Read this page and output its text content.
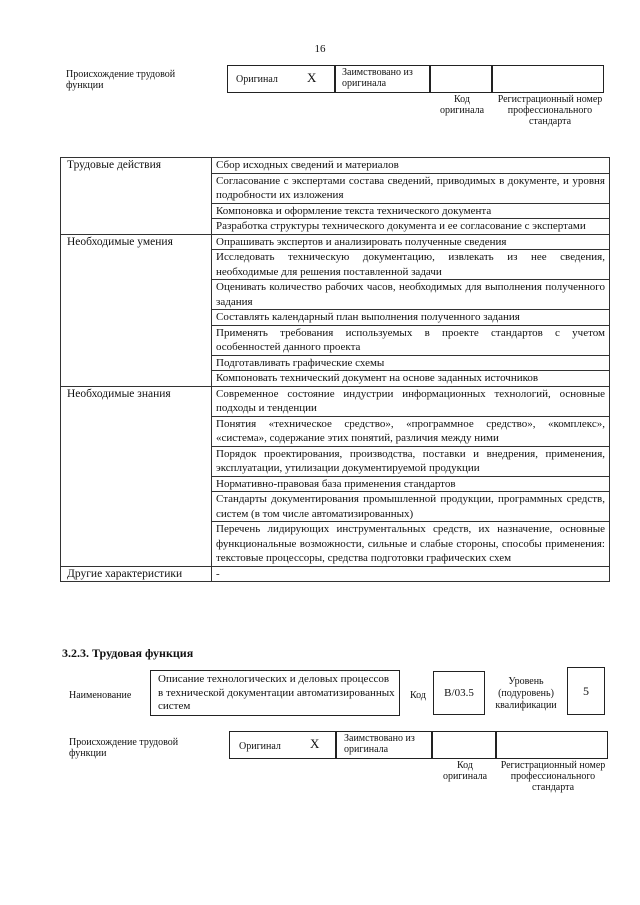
16
Происхождение трудовой функции
Оригинал X	Заимствовано из оригинала
Код оригинала
Регистрационный номер профессионального стандарта
Трудовые действия	Сбор исходных сведений и материалов
	Согласование с экспертами состава сведений, приводимых в документе, и уровня подробности их изложения
	Компоновка и оформление текста технического документа
	Разработка структуры технического документа и ее согласование с экспертами
Необходимые умения	Опрашивать экспертов и анализировать полученные сведения
	Исследовать техническую документацию, извлекать из нее сведения, необходимые для решения поставленной задачи
	Оценивать количество рабочих часов, необходимых для выполнения полученного задания
	Составлять календарный план выполнения полученного задания
	Применять требования используемых в проекте стандартов с учетом особенностей данного проекта
	Подготавливать графические схемы
	Компоновать технический документ на основе заданных источников
Необходимые знания	Современное состояние индустрии информационных технологий, основные подходы и тенденции
	Понятия «техническое средство», «программное средство», «комплекс», «система», содержание этих понятий, различия между ними
	Порядок проектирования, производства, поставки и внедрения, применения, эксплуатации, утилизации документируемой продукции
	Нормативно-правовая база применения стандартов
	Стандарты документирования промышленной продукции, программных средств, систем (в том числе автоматизированных)
	Перечень лидирующих инструментальных средств, их назначение, основные функциональные возможности, сильные и слабые стороны, способы применения: текстовые процессоры, средства подготовки графических схем
Другие характеристики	-
3.2.3. Трудовая функция
Наименование
Описание технологических и деловых процессов в технической документации автоматизированных систем
Код	B/03.5
Уровень (подуровень) квалификации
5
Происхождение трудовой функции
Оригинал X Заимствовано из оригинала
Код оригинала
Регистрационный номер профессионального стандарта
